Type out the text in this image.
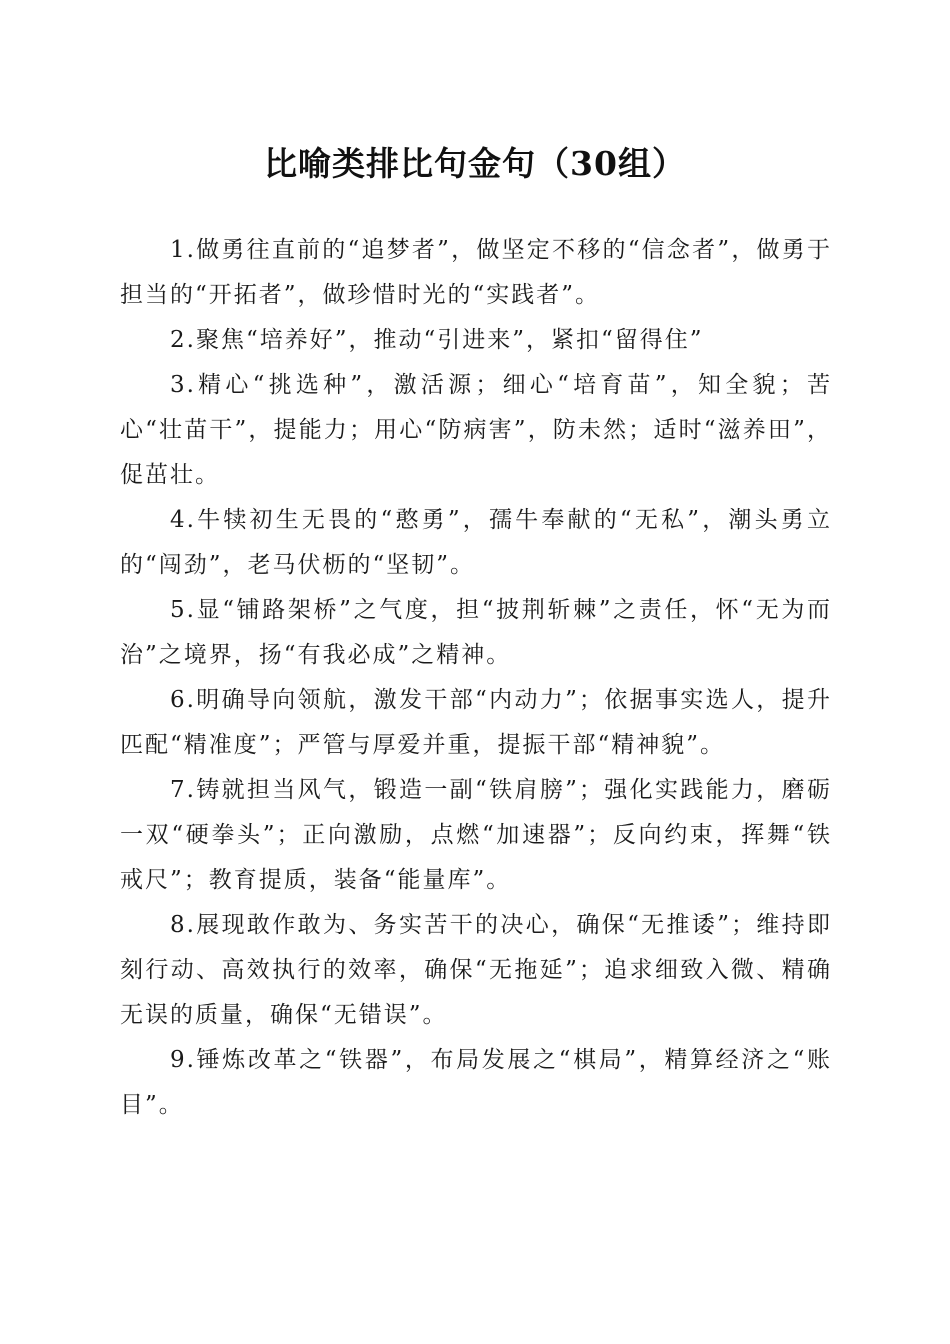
比喻类排比句金句（30组）

1.做勇往直前的“追梦者”，做坚定不移的“信念者”，做勇于担当的“开拓者”，做珍惜时光的“实践者”。

2.聚焦“培养好”，推动“引进来”，紧扣“留得住”

3.精心“挑选种”，激活源；细心“培育苗”，知全貌；苦心“壮苗干”，提能力；用心“防病害”，防未然；适时“滋养田”，促茁壮。

4.牛犊初生无畏的“憨勇”，孺牛奉献的“无私”，潮头勇立的“闯劲”，老马伏枥的“坚韧”。

5.显“铺路架桥”之气度，担“披荆斩棘”之责任，怀“无为而治”之境界，扬“有我必成”之精神。

6.明确导向领航，激发干部“内动力”；依据事实选人，提升匹配“精准度”；严管与厚爱并重，提振干部“精神貌”。

7.铸就担当风气，锻造一副“铁肩膀”；强化实践能力，磨砺一双“硬拳头”；正向激励，点燃“加速器”；反向约束，挥舞“铁戒尺”；教育提质，装备“能量库”。

8.展现敢作敢为、务实苦干的决心，确保“无推诿”；维持即刻行动、高效执行的效率，确保“无拖延”；追求细致入微、精确无误的质量，确保“无错误”。

9.锤炼改革之“铁器”，布局发展之“棋局”，精算经济之“账目”。
